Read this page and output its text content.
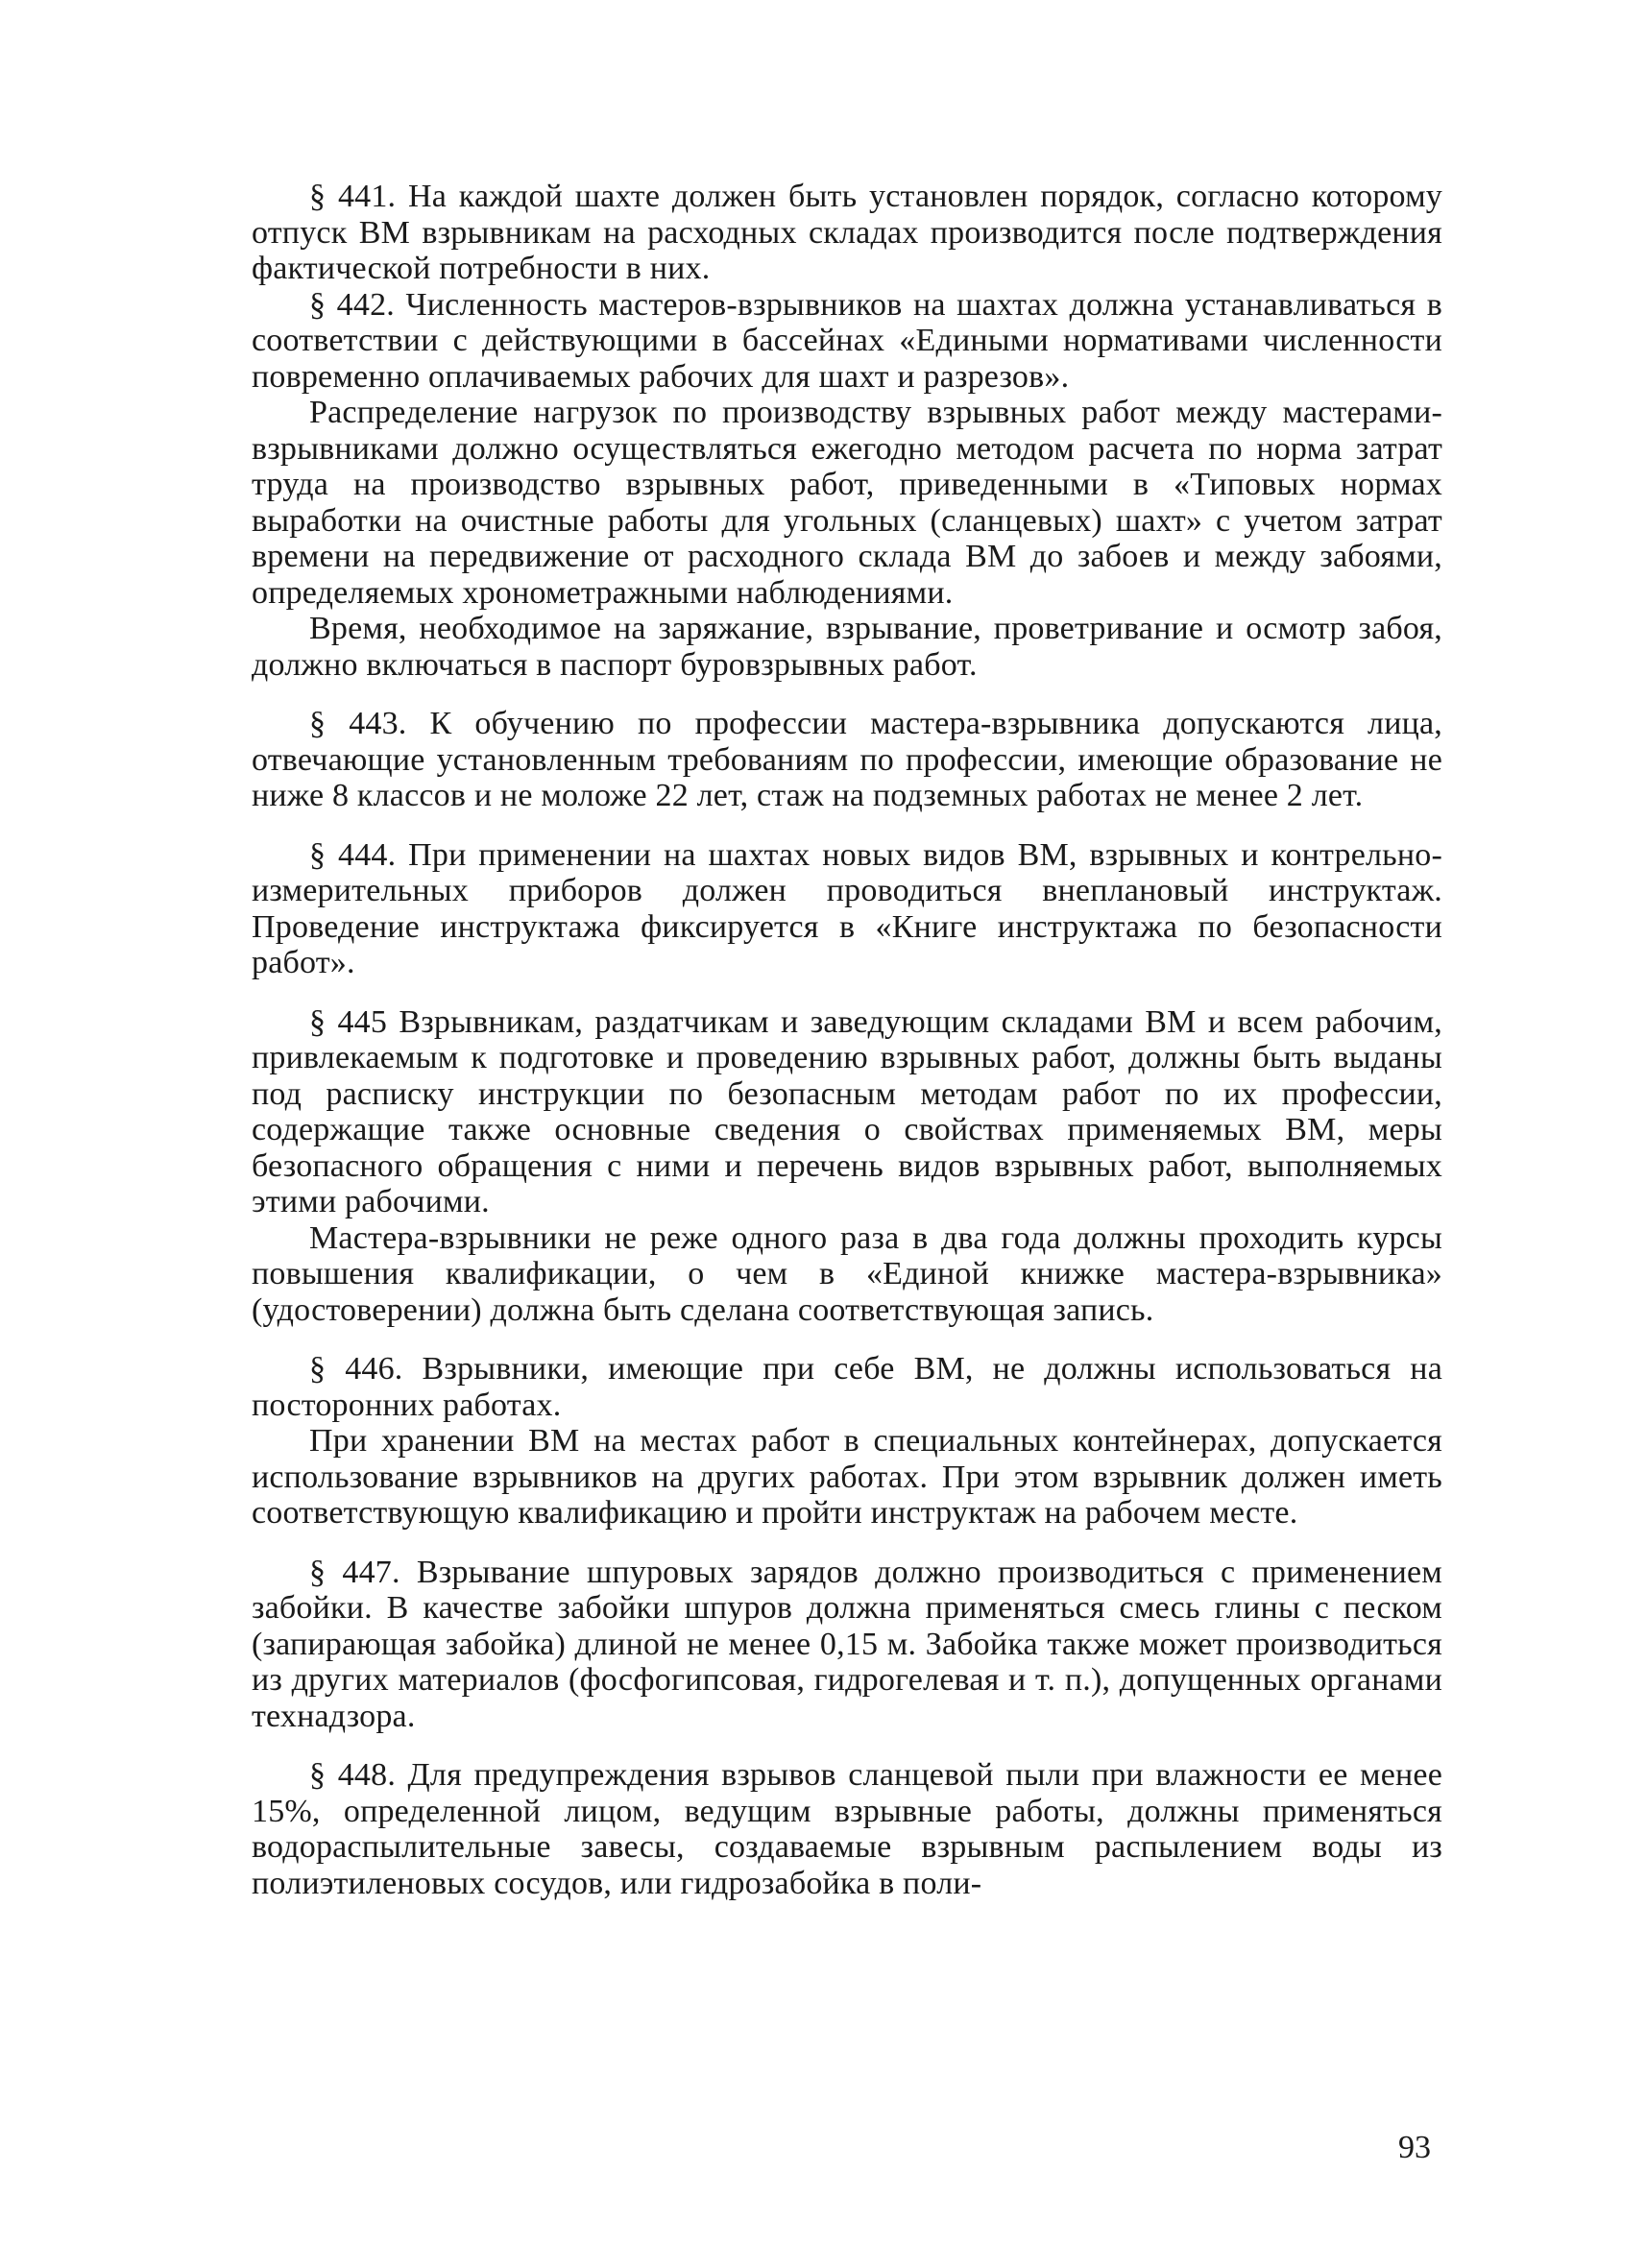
§ 441. На каждой шахте должен быть установлен порядок, согласно которому отпуск ВМ взрывникам на расходных складах производится после подтверждения фактической потребности в них.

§ 442. Численность мастеров-взрывников на шахтах должна устанавливаться в соответствии с действующими в бассейнах «Едиными нормативами численности повременно оплачиваемых рабочих для шахт и разрезов».

Распределение нагрузок по производству взрывных работ между мастерами-взрывниками должно осуществляться ежегодно методом расчета по норма затрат труда на производство взрывных работ, приведенными в «Типовых нормах выработки на очистные работы для угольных (сланцевых) шахт» с учетом затрат времени на передвижение от расходного склада ВМ до забоев и между забоями, определяемых хронометражными наблюдениями.

Время, необходимое на заряжание, взрывание, проветривание и осмотр забоя, должно включаться в паспорт буровзрывных работ.

§ 443. К обучению по профессии мастера-взрывника допускаются лица, отвечающие установленным требованиям по профессии, имеющие образование не ниже 8 классов и не моложе 22 лет, стаж на подземных работах не менее 2 лет.

§ 444. При применении на шахтах новых видов ВМ, взрывных и контрельно-измерительных приборов должен проводиться внеплановый инструктаж. Проведение инструктажа фиксируется в «Книге инструктажа по безопасности работ».

§ 445 Взрывникам, раздатчикам и заведующим складами ВМ и всем рабочим, привлекаемым к подготовке и проведению взрывных работ, должны быть выданы под расписку инструкции по безопасным методам работ по их профессии, содержащие также основные сведения о свойствах применяемых ВМ, меры безопасного обращения с ними и перечень видов взрывных работ, выполняемых этими рабочими.

Мастера-взрывники не реже одного раза в два года должны проходить курсы повышения квалификации, о чем в «Единой книжке мастера-взрывника» (удостоверении) должна быть сделана соответствующая запись.

§ 446. Взрывники, имеющие при себе ВМ, не должны использоваться на посторонних работах.

При хранении ВМ на местах работ в специальных контейнерах, допускается использование взрывников на других работах. При этом взрывник должен иметь соответствующую квалификацию и пройти инструктаж на рабочем месте.

§ 447. Взрывание шпуровых зарядов должно производиться с применением забойки. В качестве забойки шпуров должна применяться смесь глины с песком (запирающая забойка) длиной не менее 0,15 м. Забойка также может производиться из других материалов (фосфогипсовая, гидрогелевая и т. п.), допущенных органами технадзора.

§ 448. Для предупреждения взрывов сланцевой пыли при влажности ее менее 15%, определенной лицом, ведущим взрывные работы, должны применяться водораспылительные завесы, создаваемые взрывным распылением воды из полиэтиленовых сосудов, или гидрозабойка в поли-

93
